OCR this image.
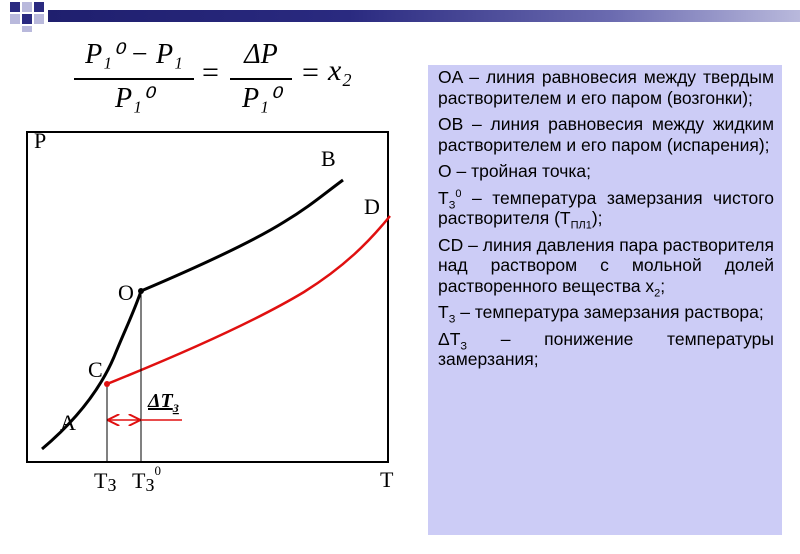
P₁⁰ − P₁
P₁⁰
=
ΔP
P₁⁰
= x₂
P
T
O
A
B
C
D
$\Delta T_З$
TЗ $TЗ^0$

OA – линия равновесия между твердым растворителем и его паром (возгонки);

OB – линия равновесия между жидким растворителем и его паром (испарения);

O – тройная точка;

$T_З^0$ – температура замерзания чистого растворителя $(T_{ПЛ1})$;

CD – линия давления пара растворителя над раствором с мольной долей растворенного вещества $x_2$;

$T_З$ – температура замерзания раствора;

$\Delta T_З$ – понижение температуры замерзания;
